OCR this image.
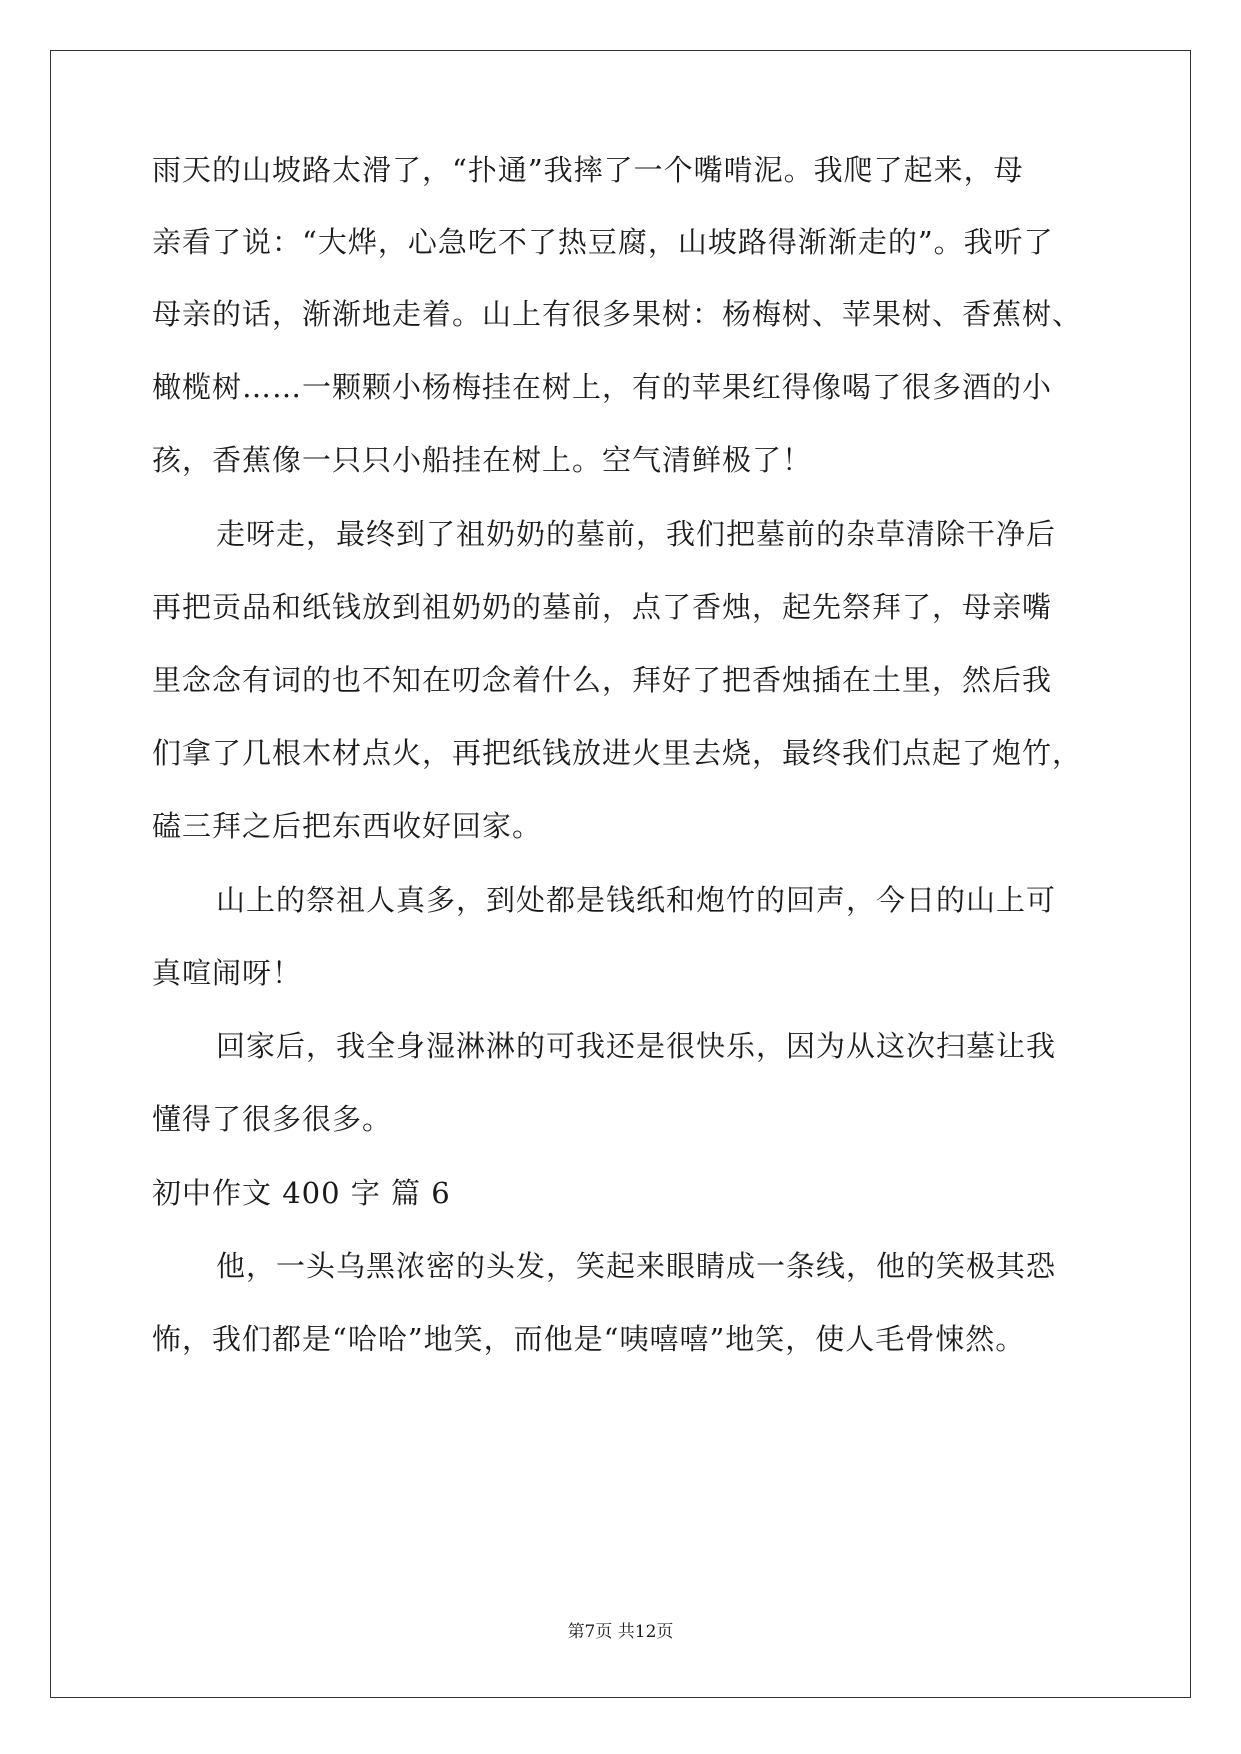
雨天的山坡路太滑了，“扑通”我摔了一个嘴啃泥。我爬了起来，母

亲看了说：“大烨，心急吃不了热豆腐，山坡路得渐渐走的”。我听了

母亲的话，渐渐地走着。山上有很多果树：杨梅树、苹果树、香蕉树、

橄榄树……一颗颗小杨梅挂在树上，有的苹果红得像喝了很多酒的小

孩，香蕉像一只只小船挂在树上。空气清鲜极了！

走呀走，最终到了祖奶奶的墓前，我们把墓前的杂草清除干净后

再把贡品和纸钱放到祖奶奶的墓前，点了香烛，起先祭拜了，母亲嘴

里念念有词的也不知在叨念着什么，拜好了把香烛插在土里，然后我

们拿了几根木材点火，再把纸钱放进火里去烧，最终我们点起了炮竹，

磕三拜之后把东西收好回家。

山上的祭祖人真多，到处都是钱纸和炮竹的回声，今日的山上可

真喧闹呀！

回家后，我全身湿淋淋的可我还是很快乐，因为从这次扫墓让我

懂得了很多很多。

初中作文 400 字 篇 6

他，一头乌黑浓密的头发，笑起来眼睛成一条线，他的笑极其恐

怖，我们都是“哈哈”地笑，而他是“咦嘻嘻”地笑，使人毛骨悚然。

第7页 共12页
